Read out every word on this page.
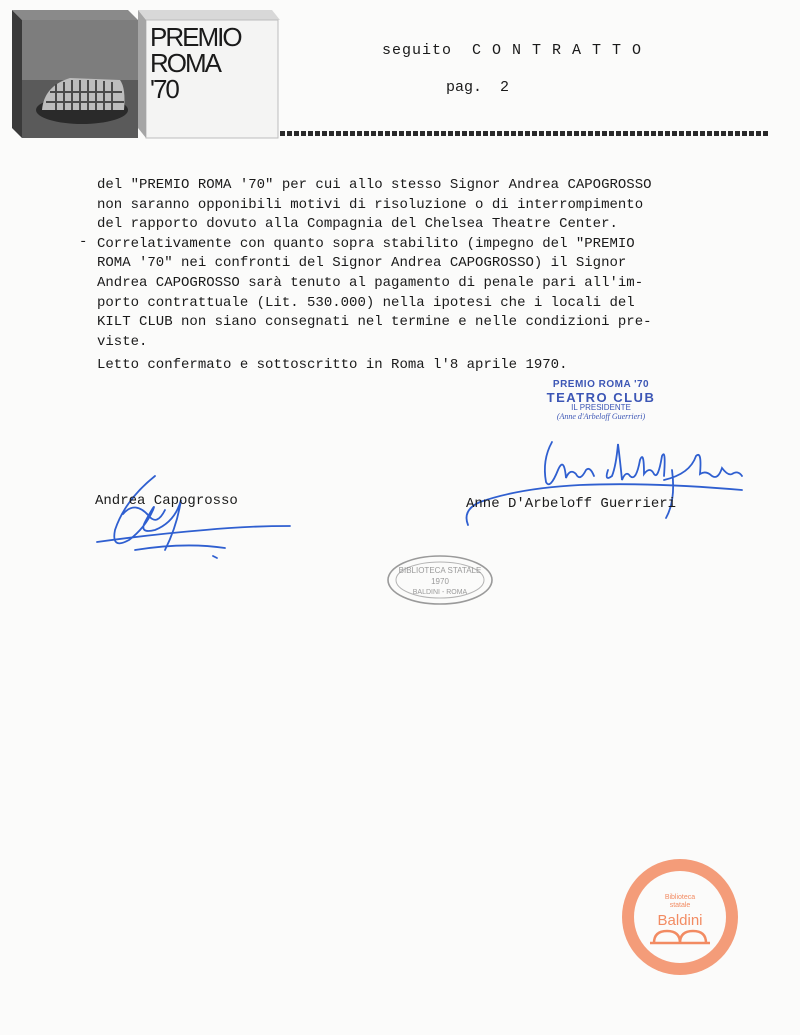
PREMIO
ROMA
'70
seguito  C O N T R A T T O
pag.  2
-
del "PREMIO ROMA '70" per cui allo stesso Signor Andrea CAPOGROSSO
non saranno opponibili motivi di risoluzione o di interrompimento
del rapporto dovuto alla Compagnia del Chelsea Theatre Center.
Correlativamente con quanto sopra stabilito (impegno del "PREMIO
ROMA '70" nei confronti del Signor Andrea CAPOGROSSO) il Signor
Andrea CAPOGROSSO sarà tenuto al pagamento di penale pari all'im-
porto contrattuale (Lit. 530.000) nella ipotesi che i locali del
KILT CLUB non siano consegnati nel termine e nelle condizioni pre-
viste.
Letto confermato e sottoscritto in Roma l'8 aprile 1970.
PREMIO ROMA '70
TEATRO CLUB
IL PRESIDENTE
(Anne d'Arbeloff Guerrieri)
Anne D'Arbeloff Guerrieri
Andrea Capogrosso
BIBLIOTECA STATALE
1970
BALDINI - ROMA
Biblioteca
statale
Baldini
